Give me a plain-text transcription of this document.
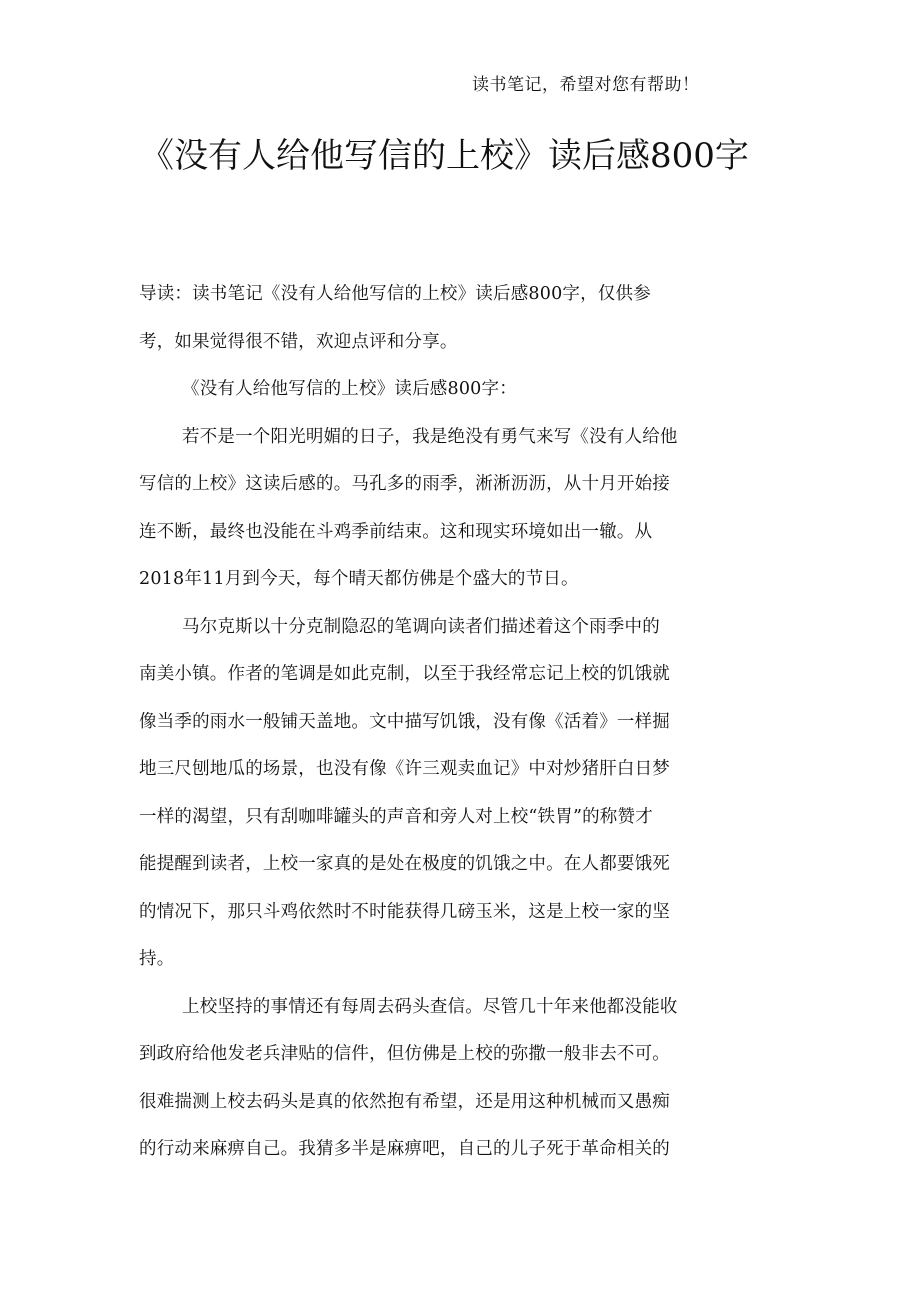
读书笔记，希望对您有帮助！
《没有人给他写信的上校》读后感800字
导读：读书笔记《没有人给他写信的上校》读后感800字，仅供参
考，如果觉得很不错，欢迎点评和分享。
《没有人给他写信的上校》读后感800字：
若不是一个阳光明媚的日子，我是绝没有勇气来写《没有人给他
写信的上校》这读后感的。马孔多的雨季，淅淅沥沥，从十月开始接
连不断，最终也没能在斗鸡季前结束。这和现实环境如出一辙。从
2018年11月到今天，每个晴天都仿佛是个盛大的节日。
马尔克斯以十分克制隐忍的笔调向读者们描述着这个雨季中的
南美小镇。作者的笔调是如此克制，以至于我经常忘记上校的饥饿就
像当季的雨水一般铺天盖地。文中描写饥饿，没有像《活着》一样掘
地三尺刨地瓜的场景，也没有像《许三观卖血记》中对炒猪肝白日梦
一样的渴望，只有刮咖啡罐头的声音和旁人对上校“铁胃”的称赞才
能提醒到读者，上校一家真的是处在极度的饥饿之中。在人都要饿死
的情况下，那只斗鸡依然时不时能获得几磅玉米，这是上校一家的坚
持。
上校坚持的事情还有每周去码头查信。尽管几十年来他都没能收
到政府给他发老兵津贴的信件，但仿佛是上校的弥撒一般非去不可。
很难揣测上校去码头是真的依然抱有希望，还是用这种机械而又愚痴
的行动来麻痹自己。我猜多半是麻痹吧，自己的儿子死于革命相关的
